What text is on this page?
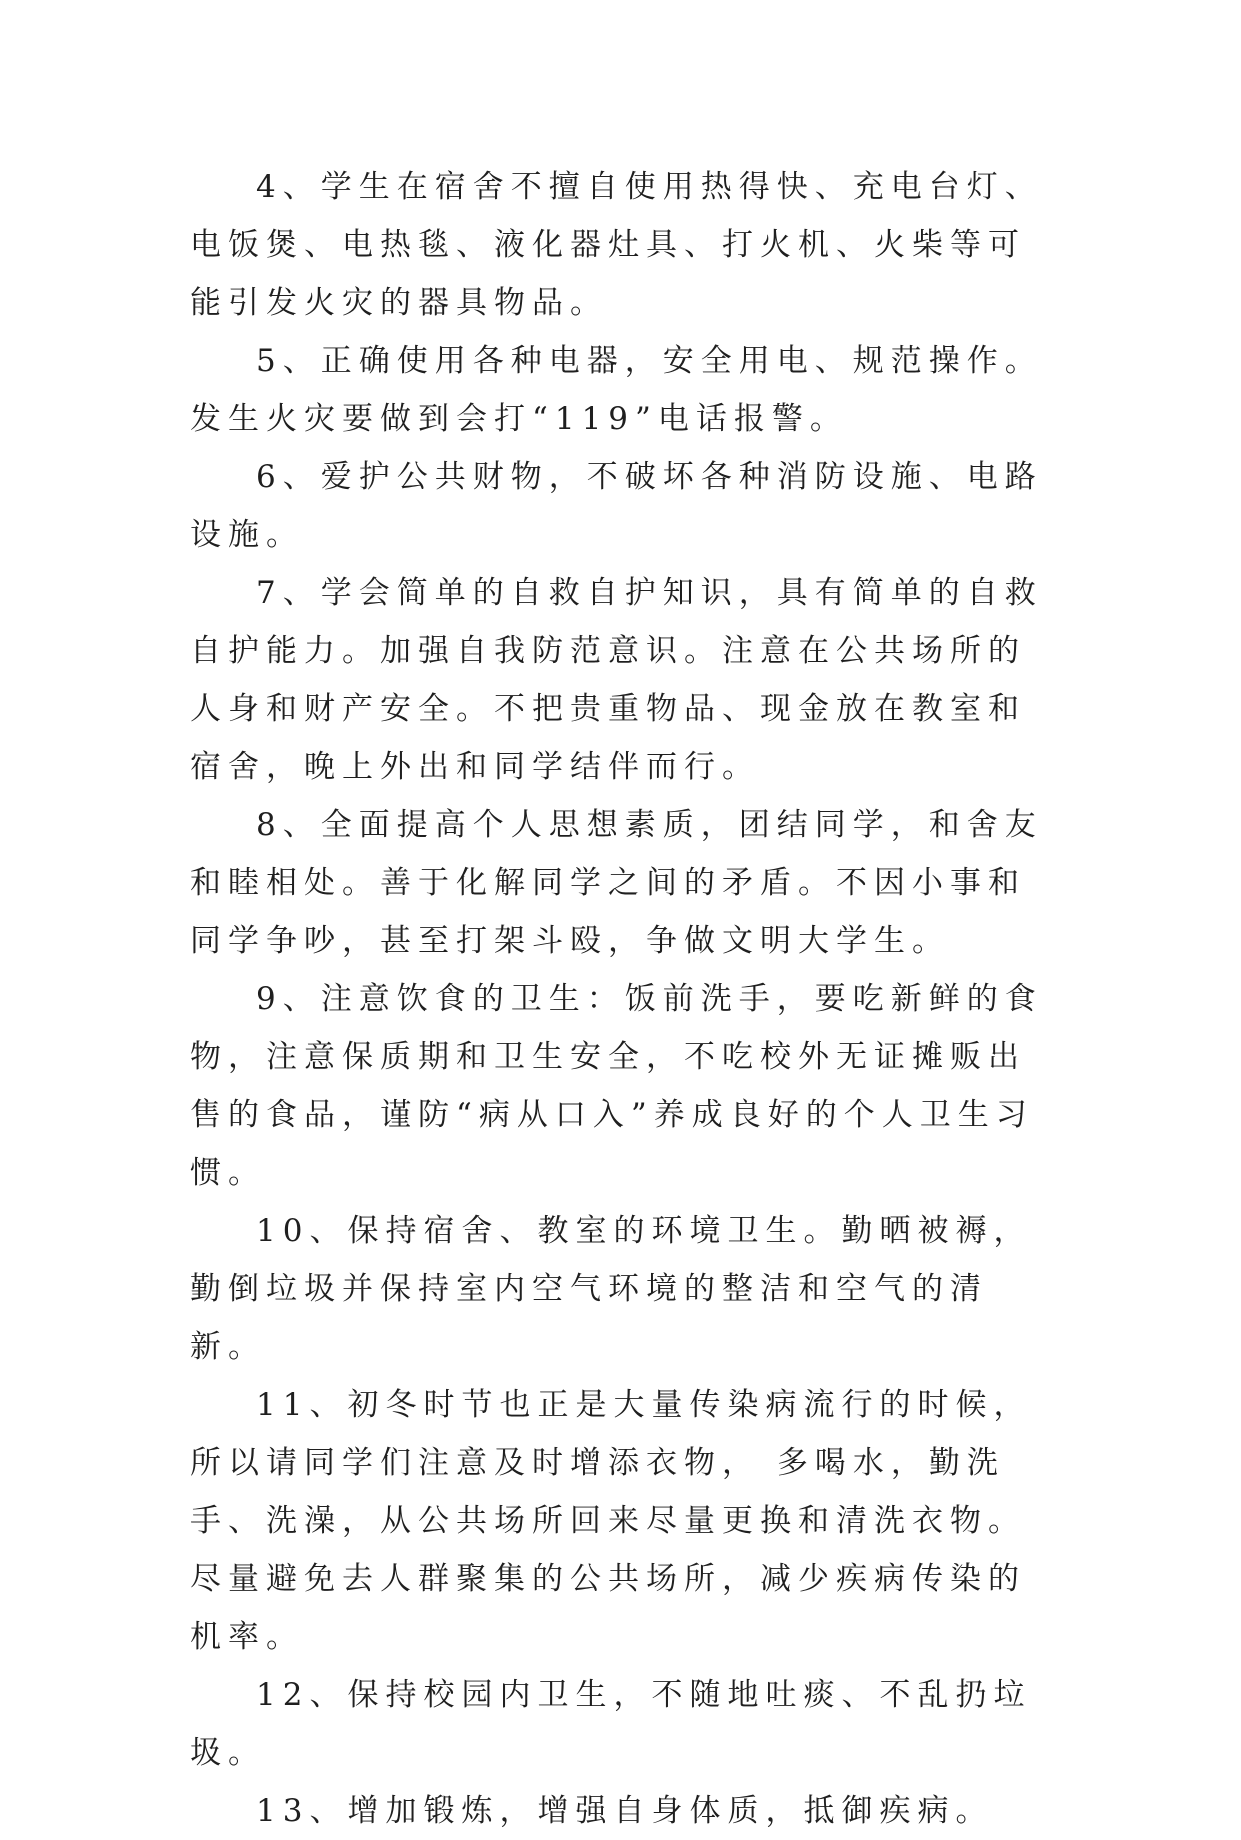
4、学生在宿舍不擅自使用热得快、充电台灯、电饭煲、电热毯、液化器灶具、打火机、火柴等可能引发火灾的器具物品。

5、正确使用各种电器，安全用电、规范操作。发生火灾要做到会打“119”电话报警。

6、爱护公共财物，不破坏各种消防设施、电路设施。

7、学会简单的自救自护知识，具有简单的自救自护能力。加强自我防范意识。注意在公共场所的人身和财产安全。不把贵重物品、现金放在教室和宿舍，晚上外出和同学结伴而行。

8、全面提高个人思想素质，团结同学，和舍友和睦相处。善于化解同学之间的矛盾。不因小事和同学争吵，甚至打架斗殴，争做文明大学生。

9、注意饮食的卫生：饭前洗手，要吃新鲜的食物，注意保质期和卫生安全，不吃校外无证摊贩出售的食品，谨防“病从口入”养成良好的个人卫生习惯。

10、保持宿舍、教室的环境卫生。勤晒被褥，勤倒垃圾并保持室内空气环境的整洁和空气的清新。

11、初冬时节也正是大量传染病流行的时候，所以请同学们注意及时增添衣物， 多喝水，勤洗手、洗澡，从公共场所回来尽量更换和清洗衣物。尽量避免去人群聚集的公共场所，减少疾病传染的机率。

12、保持校园内卫生，不随地吐痰、不乱扔垃圾。

13、增加锻炼，增强自身体质，抵御疾病。
